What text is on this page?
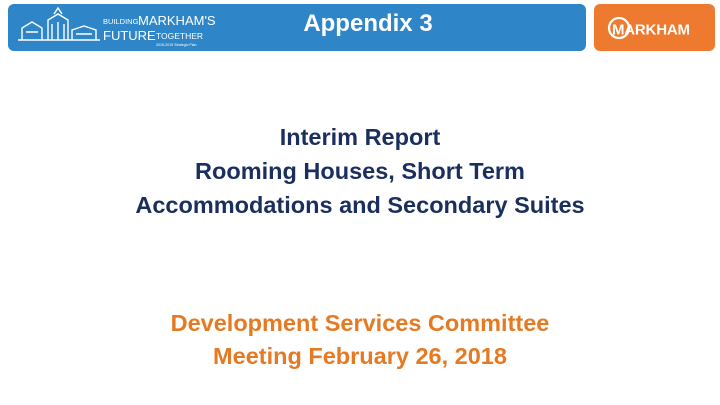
BUILDING MARKHAM'S
FUTURE TOGETHER
2015-2019 Strategic Plan
Appendix 3	MARKHAM
Interim Report
Rooming Houses, Short Term
Accommodations and Secondary Suites
Development Services Committee
Meeting February 26, 2018
